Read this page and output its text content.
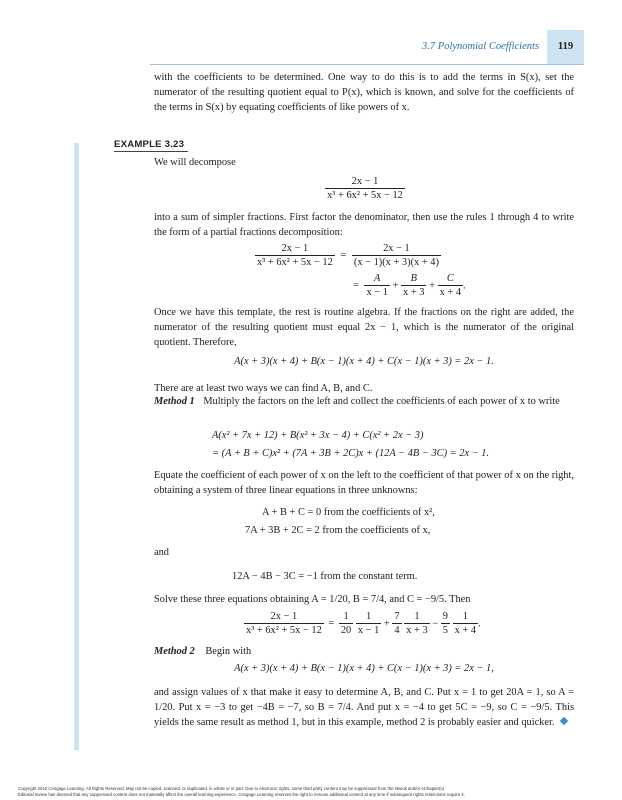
3.7 Polynomial Coefficients	119
with the coefficients to be determined. One way to do this is to add the terms in S(x), set the numerator of the resulting quotient equal to P(x), which is known, and solve for the coefficients of the terms in S(x) by equating coefficients of like powers of x.
EXAMPLE 3.23
We will decompose
$\frac{2x - 1}{\text{x³ + 6x² + 5x − 12}}$
into a sum of simpler fractions. First factor the denominator, then use the rules 1 through 4 to write the form of a partial fractions decomposition:
$\frac{2x - 1}{\text{x³ + 6x² + 5x − 12}} = \frac{2x - 1}{(x - 1)(x + 3)(x + 4)}$
= $\frac{A}{x - 1} + \frac{B}{x + 3} + \frac{C}{x + 4}$ .
Once we have this template, the rest is routine algebra. If the fractions on the right are added, the numerator of the resulting quotient must equal 2x − 1, which is the numerator of the original quotient. Therefore,
A(x + 3)(x + 4) + B(x − 1)(x + 4) + C(x − 1)(x + 3) = 2x − 1.
There are at least two ways we can find A, B, and C.
Method 1 Multiply the factors on the left and collect the coefficients of each power of x to write
A(x² + 7x + 12) + B(x² + 3x − 4) + C(x² + 2x − 3)
= (A + B + C)x² + (7A + 3B + 2C)x + (12A − 4B − 3C) = 2x − 1.
Equate the coefficient of each power of x on the left to the coefficient of that power of x on the right, obtaining a system of three linear equations in three unknowns:
A + B + C = 0 from the coefficients of x²,
7A + 3B + 2C = 2 from the coefficients of x,
and
12A − 4B − 3C = −1 from the constant term.
Solve these three equations obtaining A = 1/20, B = 7/4, and C = −9/5. Then
$\frac{2x - 1}{\text{x³ + 6x² + 5x − 12}} = \frac{1}{20}$
$\frac{1}{x - 1} + \frac{7}{4}$
$\frac{1}{x + 3} - \frac{9}{5}$
$\frac{1}{x + 4}$ .
Method 2 Begin with
A(x + 3)(x + 4) + B(x − 1)(x + 4) + C(x − 1)(x + 3) = 2x − 1,
and assign values of x that make it easy to determine A, B, and C. Put x = 1 to get 20A = 1, so A = 1/20. Put x = −3 to get −4B = −7, so B = 7/4. And put x = −4 to get 5C = −9, so C = −9/5. This yields the same result as method 1, but in this example, method 2 is probably easier and quicker.
Copyright 2010 Cengage Learning. All Rights Reserved. May not be copied, scanned, or duplicated, in whole or in part. Due to electronic rights, some third party content may be suppressed from the eBook and/or eChapter(s).
Editorial review has deemed that any suppressed content does not materially affect the overall learning experience. Cengage Learning reserves the right to remove additional content at any time if subsequent rights restrictions require it.
